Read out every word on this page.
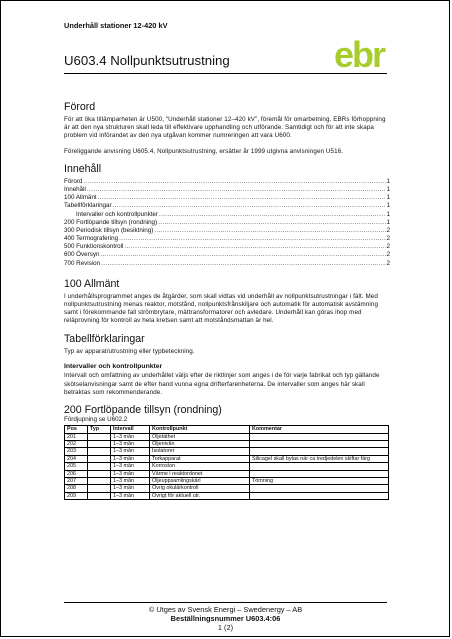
Underhåll stationer 12-420 kV
ebr
U603.4 Nollpunktsutrustning
Förord

För att öka tillämparheten är U500, “Underhåll stationer 12–420 kV”, föremål för omarbetning. EBRs förhoppning är att den nya strukturen skall leda till effektivare upphandling och utförande. Samtidigt och för att inte skapa problem vid införandet av den nya utgåvan kommer numreringen att vara U600.

Föreliggande anvisning U605.4, Nollpunktsutrustning, ersätter år 1999 utgivna anvisningen U516.

Innehåll
Förord .....	1
Innehåll .....	1
100 Allmänt .....	1
Tabellförklaringar .....	1
Intervaller och kontrollpunkter .....	1
200 Fortlöpande tillsyn (rondning) .....	1
300 Periodisk tillsyn (besiktning) .....	2
400 Termografering .....	2
500 Funktionskontroll .....	2
600 Översyn .....	2
700 Revision .....	2
100 Allmänt

I underhållsprogrammet anges de åtgärder, som skall vidtas vid underhåll av nollpunktsutrustningar i fält. Med nollpunktsutrustning menas reaktor, motstånd, nollpunktsfrånskiljare och automatik för automatisk avstämning samt i förekommande fall strömbrytare, mättransformatorer och avledare. Underhåll kan göras ihop med reläprovning för kontroll av hela kretsen samt att motståndsmattan är hel.

Tabellförklaringar

Typ av apparat/utrustning eller typbeteckning.

Intervaller och kontrollpunkter

Intervall och omfattning av underhållet väljs efter de riktlinjer som anges i de för varje fabrikat och typ gällande skötselanvisningar samt de efter hand vunna egna drifterfarenheterna. De intervaller som anges här skall betraktas som rekommenderande.

200 Fortlöpande tillsyn (rondning)
Fördjupning se U602.2
Pos	Typ	Intervall	Kontrollpunkt	Kommentar
201		1–3 mån	Oljetäthet	
202		1–3 mån	Oljenivån	
203		1–3 mån	Isolatorer	
204		1–3 mån	Torkapparat	Silicagel skall bytas när ca tredjedelen skiftar färg
205		1–3 mån	Korrosion	
206		1–3 mån	Värme i reaktordonet	
207		1–3 mån	Oljeuppsamlingskärl	Tömning
208		1–3 mån	Övrig okulärkontroll	
209		1–3 mån	Övrigt för aktuell utr.	
© Utges av Svensk Energi – Swedenergy – AB
Beställningsnummer U603.4:06
1 (2)
